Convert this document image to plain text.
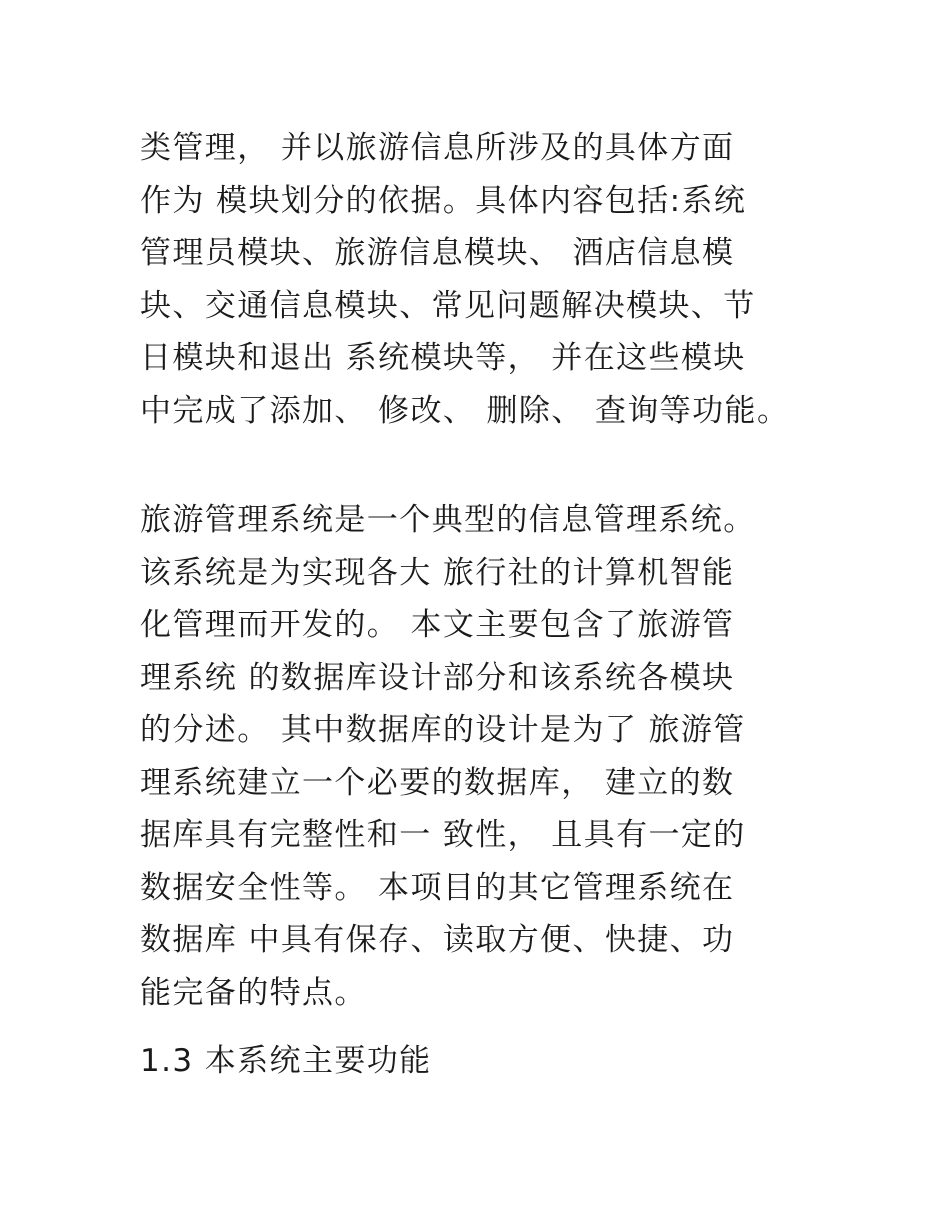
类管理， 并以旅游信息所涉及的具体方面
作为 模块划分的依据。具体内容包括:系统
管理员模块、旅游信息模块、 酒店信息模
块、交通信息模块、常见问题解决模块、节
日模块和退出 系统模块等， 并在这些模块
中完成了添加、 修改、 删除、 查询等功能。
旅游管理系统是一个典型的信息管理系统。
该系统是为实现各大 旅行社的计算机智能
化管理而开发的。 本文主要包含了旅游管
理系统 的数据库设计部分和该系统各模块
的分述。 其中数据库的设计是为了 旅游管
理系统建立一个必要的数据库， 建立的数
据库具有完整性和一 致性， 且具有一定的
数据安全性等。 本项目的其它管理系统在
数据库 中具有保存、读取方便、快捷、功
能完备的特点。
1.3 本系统主要功能
